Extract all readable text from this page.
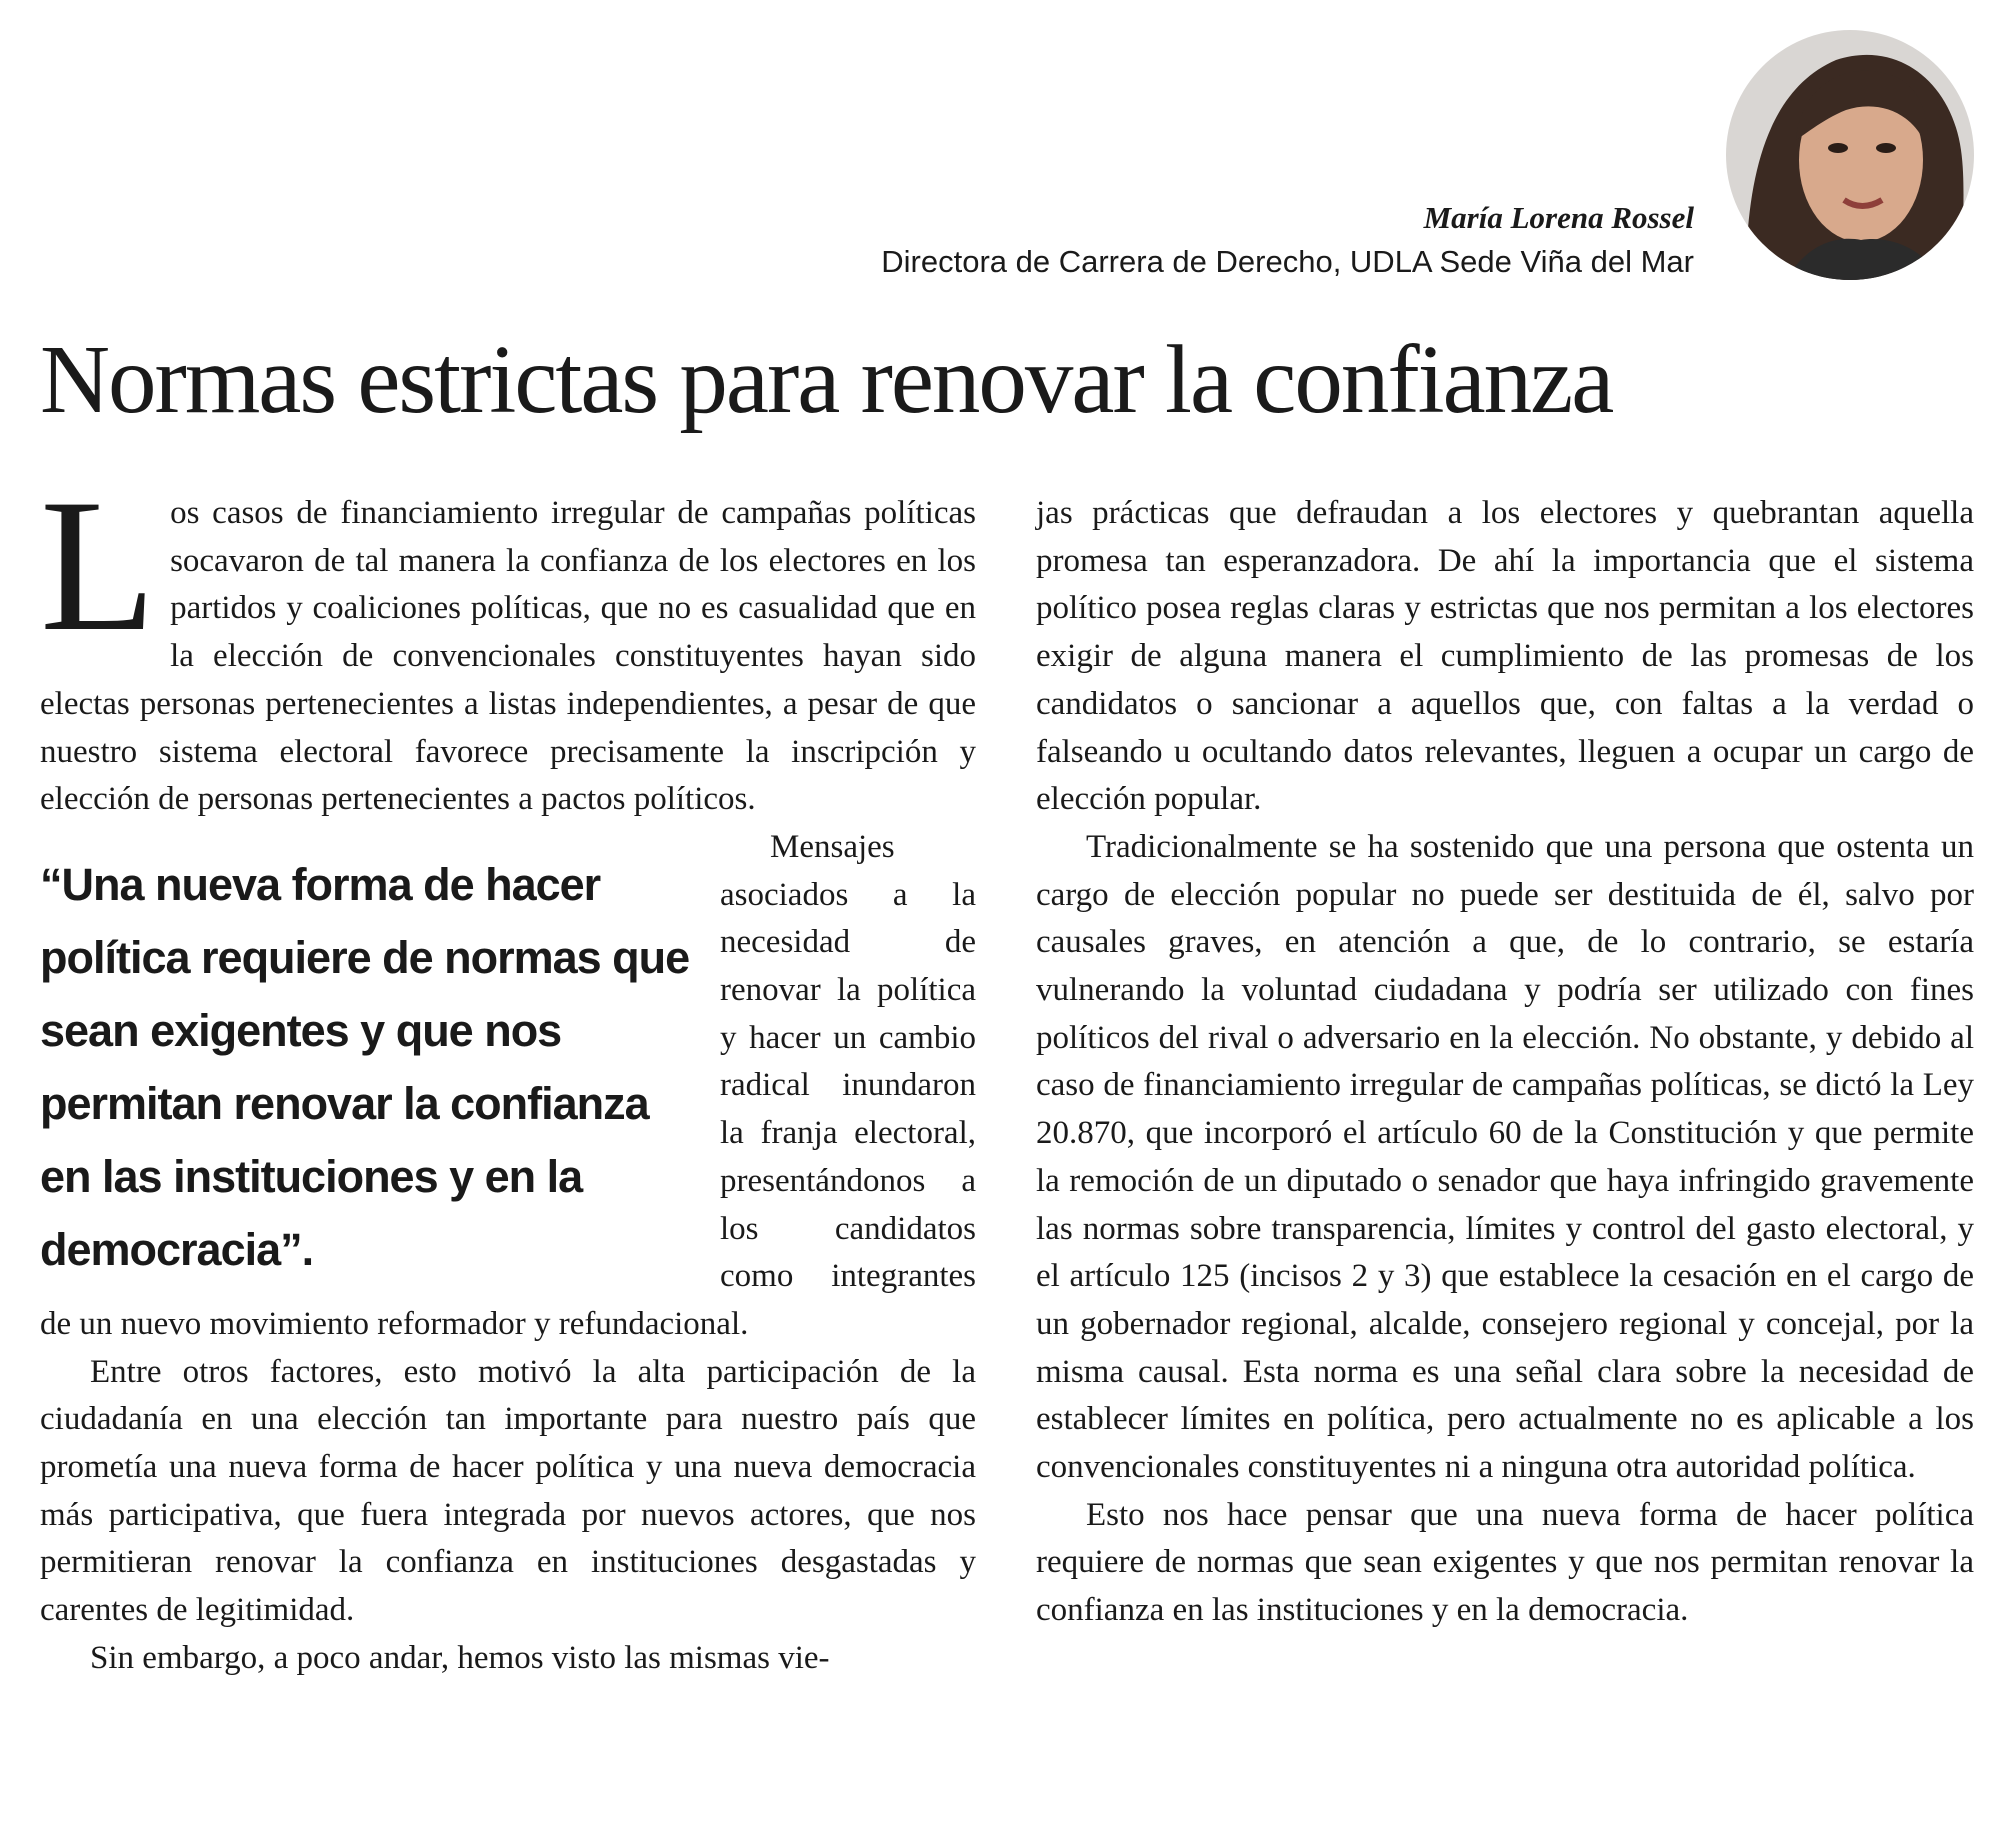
María Lorena Rossel
Directora de Carrera de Derecho, UDLA Sede Viña del Mar
Normas estrictas para renovar la confianza

Los casos de financiamiento irregular de campañas políticas socavaron de tal manera la confianza de los electores en los partidos y coaliciones políticas, que no es casualidad que en la elección de convencionales constituyentes hayan sido electas personas pertenecientes a listas independientes, a pesar de que nuestro sistema electoral favorece precisamente la inscripción y elección de personas pertenecientes a pactos políticos.

“Una nueva forma de hacer política requiere de normas que sean exigentes y que nos permitan renovar la confianza en las instituciones y en la democracia”.

Mensajes asociados a la necesidad de renovar la política y hacer un cambio radical inundaron la franja electoral, presentándonos a los candidatos como integrantes de un nuevo movimiento reformador y refundacional.

Entre otros factores, esto motivó la alta participación de la ciudadanía en una elección tan importante para nuestro país que prometía una nueva forma de hacer política y una nueva democracia más participativa, que fuera integrada por nuevos actores, que nos permitieran renovar la confianza en instituciones desgastadas y carentes de legitimidad.

Sin embargo, a poco andar, hemos visto las mismas vie-

jas prácticas que defraudan a los electores y quebrantan aquella promesa tan esperanzadora. De ahí la importancia que el sistema político posea reglas claras y estrictas que nos permitan a los electores exigir de alguna manera el cumplimiento de las promesas de los candidatos o sancionar a aquellos que, con faltas a la verdad o falseando u ocultando datos relevantes, lleguen a ocupar un cargo de elección popular.

Tradicionalmente se ha sostenido que una persona que ostenta un cargo de elección popular no puede ser destituida de él, salvo por causales graves, en atención a que, de lo contrario, se estaría vulnerando la voluntad ciudadana y podría ser utilizado con fines políticos del rival o adversario en la elección. No obstante, y debido al caso de financiamiento irregular de campañas políticas, se dictó la Ley 20.870, que incorporó el artículo 60 de la Constitución y que permite la remoción de un diputado o senador que haya infringido gravemente las normas sobre transparencia, límites y control del gasto electoral, y el artículo 125 (incisos 2 y 3) que establece la cesación en el cargo de un gobernador regional, alcalde, consejero regional y concejal, por la misma causal. Esta norma es una señal clara sobre la necesidad de establecer límites en política, pero actualmente no es aplicable a los convencionales constituyentes ni a ninguna otra autoridad política.

Esto nos hace pensar que una nueva forma de hacer política requiere de normas que sean exigentes y que nos permitan renovar la confianza en las instituciones y en la democracia.
